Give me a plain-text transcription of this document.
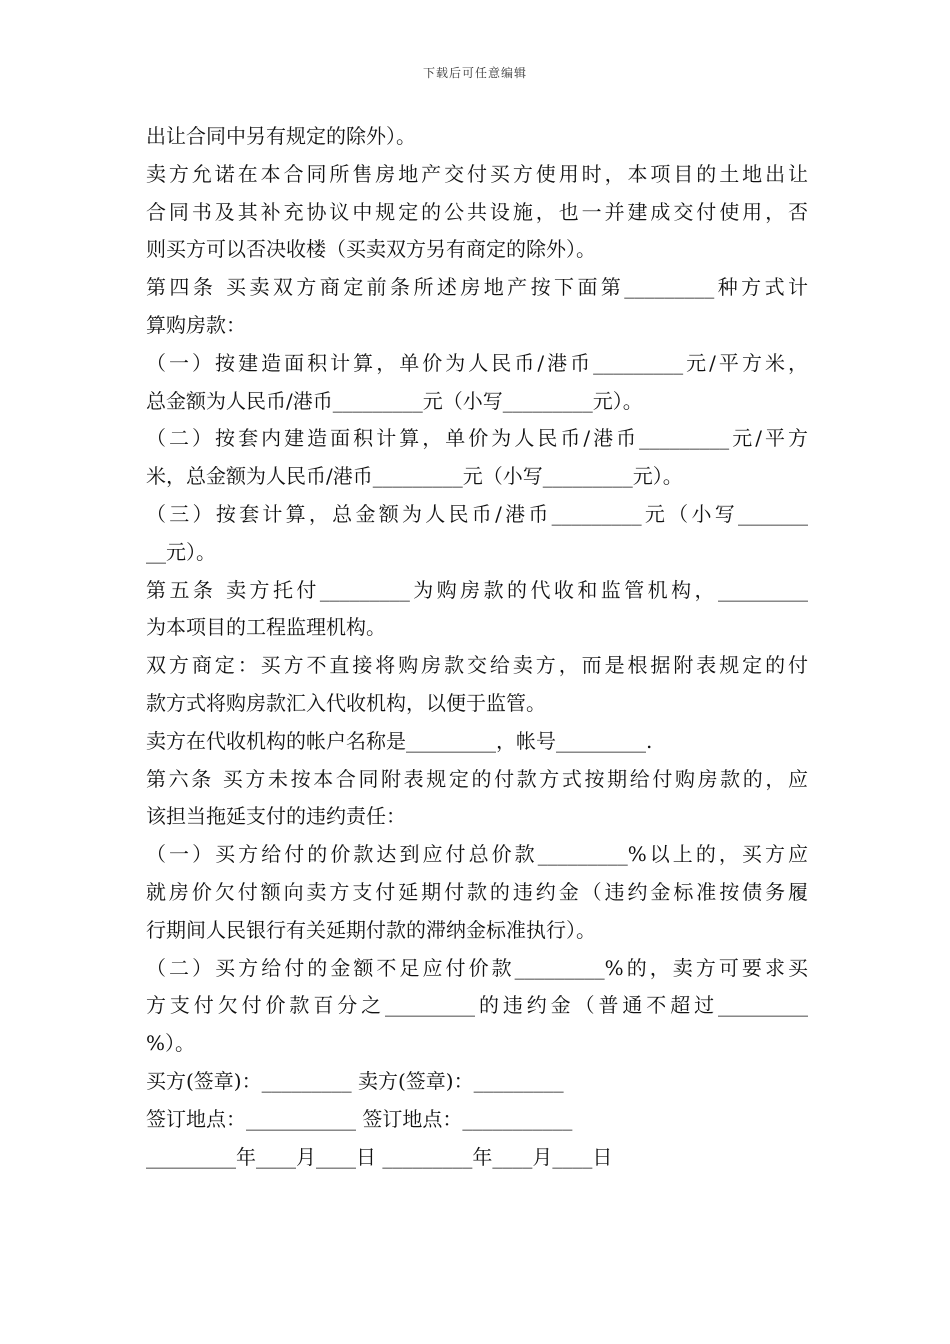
下载后可任意编辑
出让合同中另有规定的除外）。
卖方允诺在本合同所售房地产交付买方使用时，本项目的土地出让
合同书及其补充协议中规定的公共设施，也一并建成交付使用，否
则买方可以否决收楼（买卖双方另有商定的除外）。
第四条 买卖双方商定前条所述房地产按下面第_________种方式计
算购房款：
（一）按建造面积计算，单价为人民币/港币_________元/平方米，
总金额为人民币/港币_________元（小写_________元）。
（二）按套内建造面积计算，单价为人民币/港币_________元/平方
米，总金额为人民币/港币_________元（小写_________元）。
（三）按套计算，总金额为人民币/港币_________元（小写_______
__元）。
第五条 卖方托付_________为购房款的代收和监管机构，_________
为本项目的工程监理机构。
双方商定：买方不直接将购房款交给卖方，而是根据附表规定的付
款方式将购房款汇入代收机构，以便于监管。
卖方在代收机构的帐户名称是_________，帐号_________.
第六条 买方未按本合同附表规定的付款方式按期给付购房款的，应
该担当拖延支付的违约责任：
（一）买方给付的价款达到应付总价款_________%以上的，买方应
就房价欠付额向卖方支付延期付款的违约金（违约金标准按债务履
行期间人民银行有关延期付款的滞纳金标准执行）。
（二）买方给付的金额不足应付价款_________%的，卖方可要求买
方支付欠付价款百分之_________的违约金（普通不超过_________
%）。
买方(签章)：_________ 卖方(签章)：_________
签订地点：___________ 签订地点：___________
_________年____月____日 _________年____月____日
